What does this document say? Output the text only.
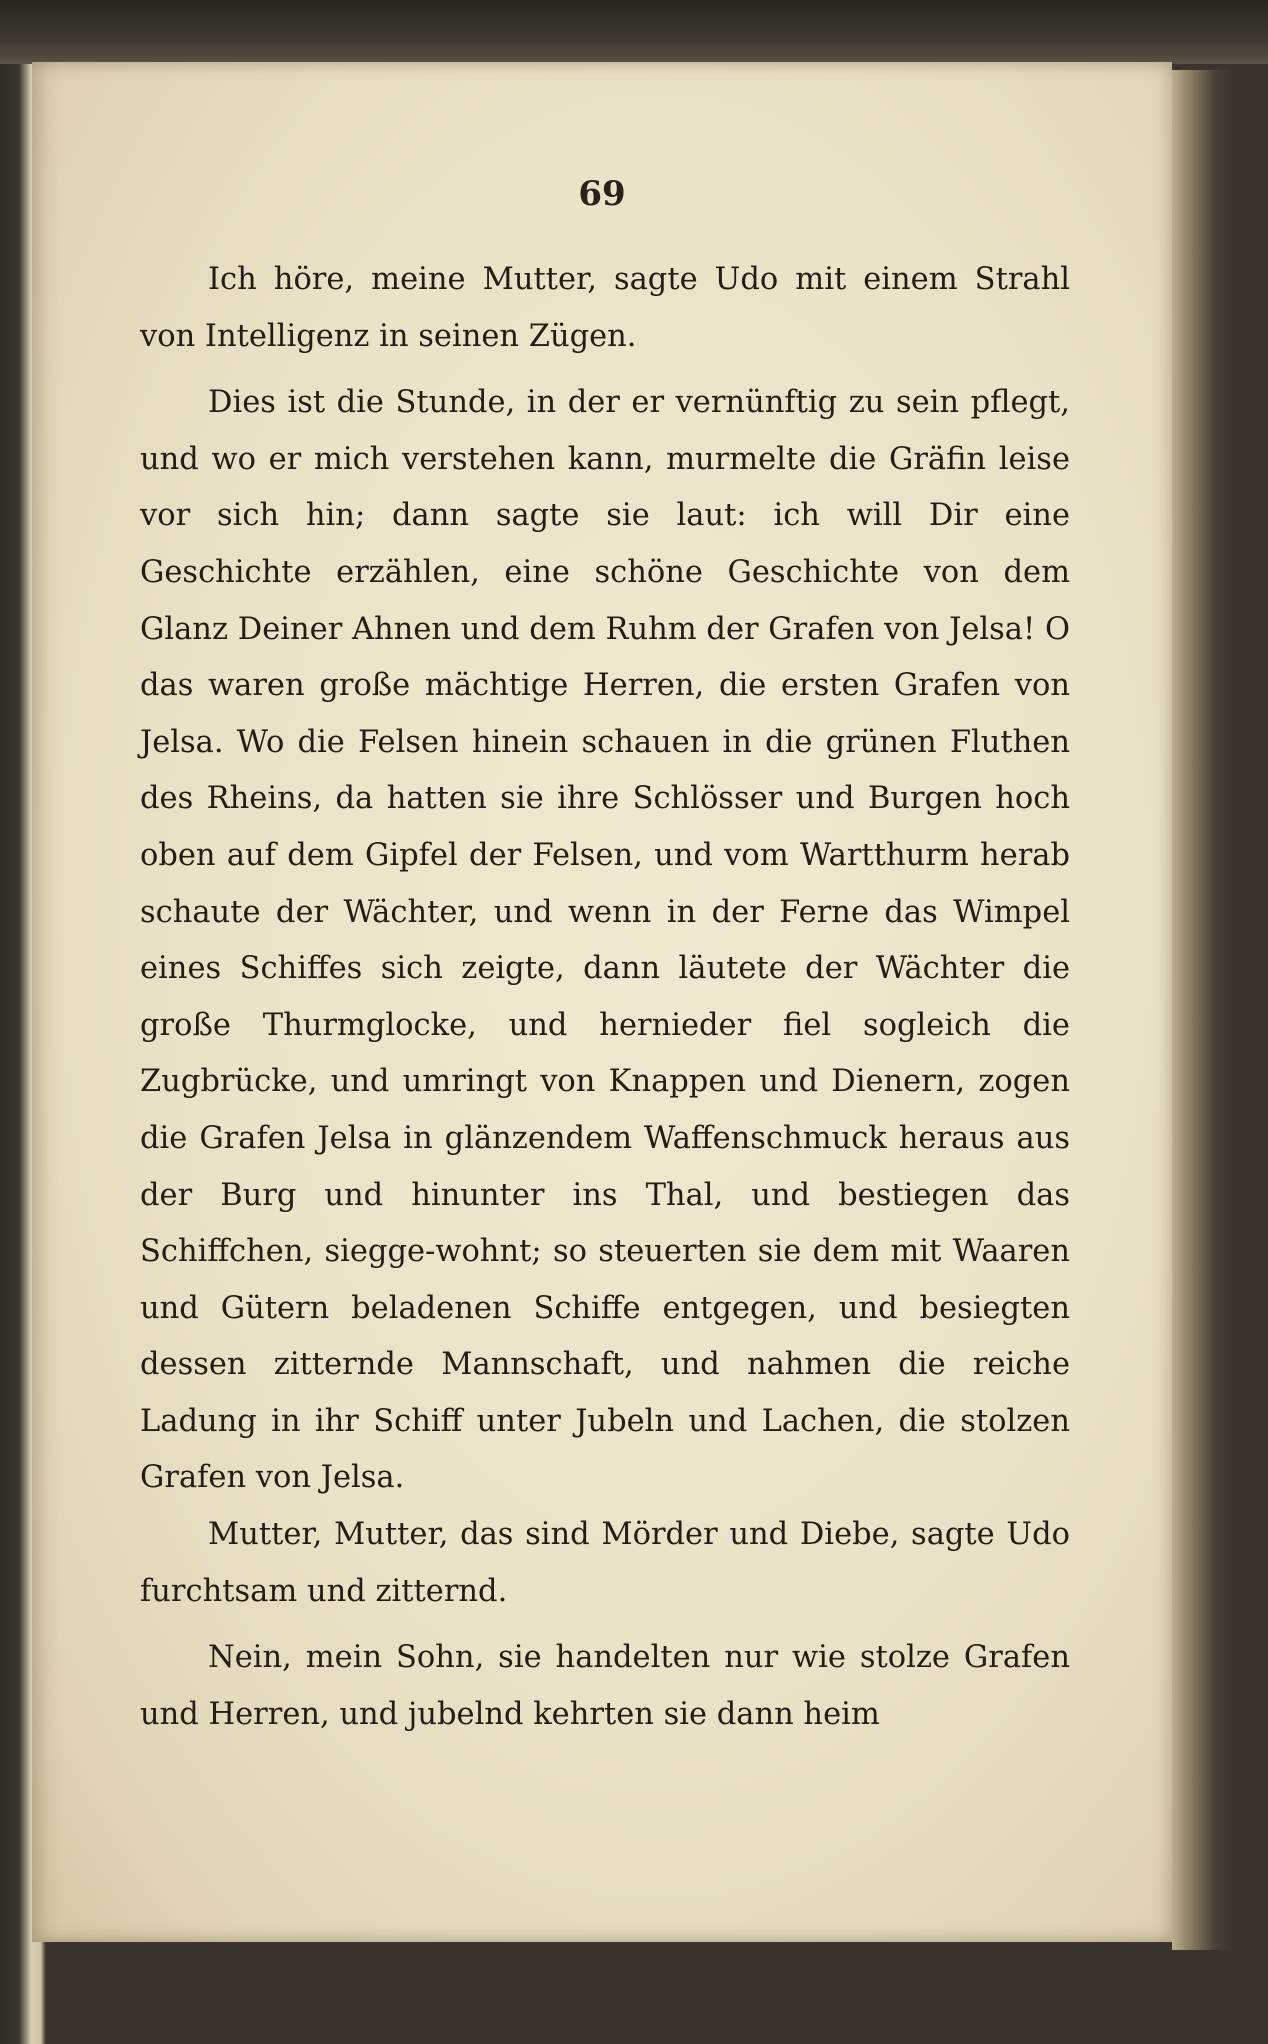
69

Ich höre, meine Mutter, sagte Udo mit einem Strahl von Intelligenz in seinen Zügen.

Dies ist die Stunde, in der er vernünftig zu sein pflegt, und wo er mich verstehen kann, murmelte die Gräfin leise vor sich hin; dann sagte sie laut: ich will Dir eine Geschichte erzählen, eine schöne Geschichte von dem Glanz Deiner Ahnen und dem Ruhm der Grafen von Jelsa! O das waren große mächtige Herren, die ersten Grafen von Jelsa. Wo die Felsen hinein schauen in die grünen Fluthen des Rheins, da hatten sie ihre Schlösser und Burgen hoch oben auf dem Gipfel der Felsen, und vom Wartthurm herab schaute der Wächter, und wenn in der Ferne das Wimpel eines Schiffes sich zeigte, dann läutete der Wächter die große Thurmglocke, und hernieder fiel sogleich die Zugbrücke, und umringt von Knappen und Dienern, zogen die Grafen Jelsa in glänzendem Waffenschmuck heraus aus der Burg und hinunter ins Thal, und bestiegen das Schiffchen, siegge-wohnt; so steuerten sie dem mit Waaren und Gütern beladenen Schiffe entgegen, und besiegten dessen zitternde Mannschaft, und nahmen die reiche Ladung in ihr Schiff unter Jubeln und Lachen, die stolzen Grafen von Jelsa.

Mutter, Mutter, das sind Mörder und Diebe, sagte Udo furchtsam und zitternd.

Nein, mein Sohn, sie handelten nur wie stolze Grafen und Herren, und jubelnd kehrten sie dann heim
